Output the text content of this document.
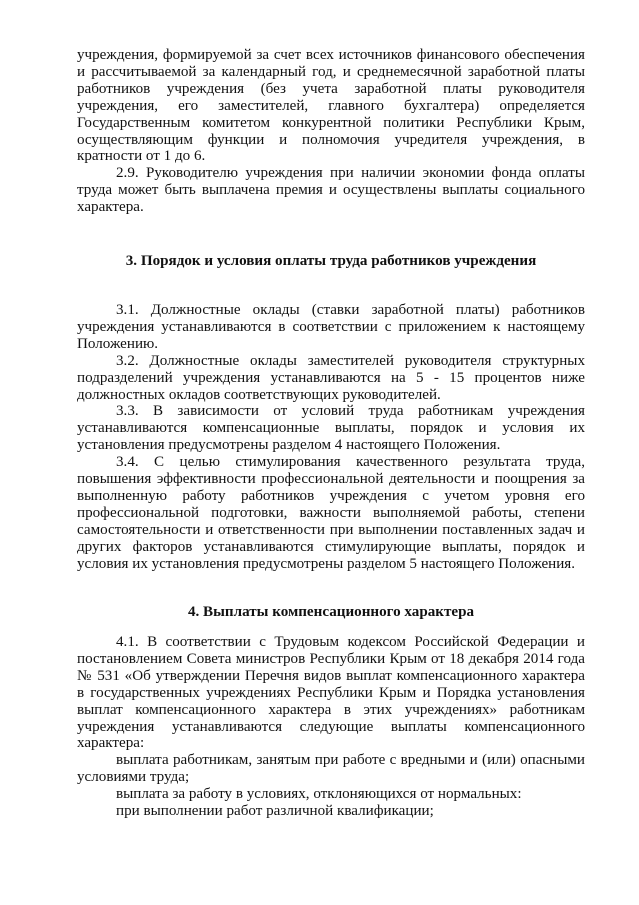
учреждения, формируемой за счет всех источников финансового обеспечения и рассчитываемой за календарный год, и среднемесячной заработной платы работников учреждения (без учета заработной платы руководителя учреждения, его заместителей, главного бухгалтера) определяется Государственным комитетом конкурентной политики Республики Крым, осуществляющим функции и полномочия учредителя учреждения, в кратности от 1 до 6.

2.9. Руководителю учреждения при наличии экономии фонда оплаты труда может быть выплачена премия и осуществлены выплаты социального характера.

3. Порядок и условия оплаты труда работников учреждения

3.1. Должностные оклады (ставки заработной платы) работников учреждения устанавливаются в соответствии с приложением к настоящему Положению.

3.2. Должностные оклады заместителей руководителя структурных подразделений учреждения устанавливаются на 5 - 15 процентов ниже должностных окладов соответствующих руководителей.

3.3. В зависимости от условий труда работникам учреждения устанавливаются компенсационные выплаты, порядок и условия их установления предусмотрены разделом 4 настоящего Положения.

3.4. С целью стимулирования качественного результата труда, повышения эффективности профессиональной деятельности и поощрения за выполненную работу работников учреждения с учетом уровня его профессиональной подготовки, важности выполняемой работы, степени самостоятельности и ответственности при выполнении поставленных задач и других факторов устанавливаются стимулирующие выплаты, порядок и условия их установления предусмотрены разделом 5 настоящего Положения.

4. Выплаты компенсационного характера

4.1. В соответствии с Трудовым кодексом Российской Федерации и постановлением Совета министров Республики Крым от 18 декабря 2014 года № 531 «Об утверждении Перечня видов выплат компенсационного характера в государственных учреждениях Республики Крым и Порядка установления выплат компенсационного характера в этих учреждениях» работникам учреждения устанавливаются следующие выплаты компенсационного характера:

выплата работникам, занятым при работе с вредными и (или) опасными условиями труда;

выплата за работу в условиях, отклоняющихся от нормальных:

при выполнении работ различной квалификации;
